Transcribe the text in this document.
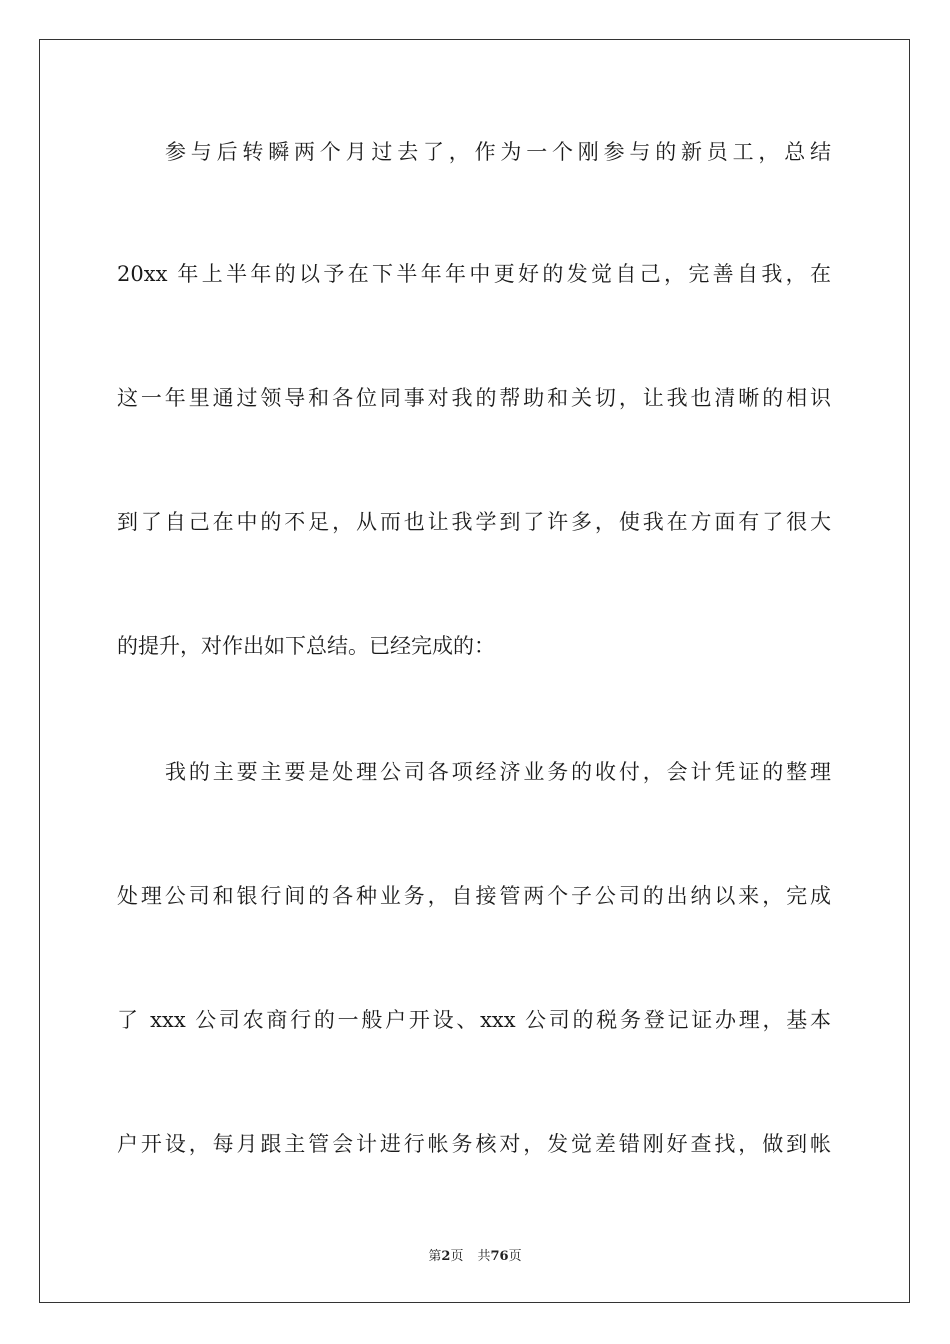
参与后转瞬两个月过去了，作为一个刚参与的新员工，总结
20xx 年上半年的以予在下半年年中更好的发觉自己，完善自我，在
这一年里通过领导和各位同事对我的帮助和关切，让我也清晰的相识
到了自己在中的不足，从而也让我学到了许多，使我在方面有了很大
的提升，对作出如下总结。已经完成的：
我的主要主要是处理公司各项经济业务的收付，会计凭证的整理
处理公司和银行间的各种业务，自接管两个子公司的出纳以来，完成
了 xxx 公司农商行的一般户开设、xxx 公司的税务登记证办理，基本
户开设，每月跟主管会计进行帐务核对，发觉差错刚好查找，做到帐
第2页 共76页
